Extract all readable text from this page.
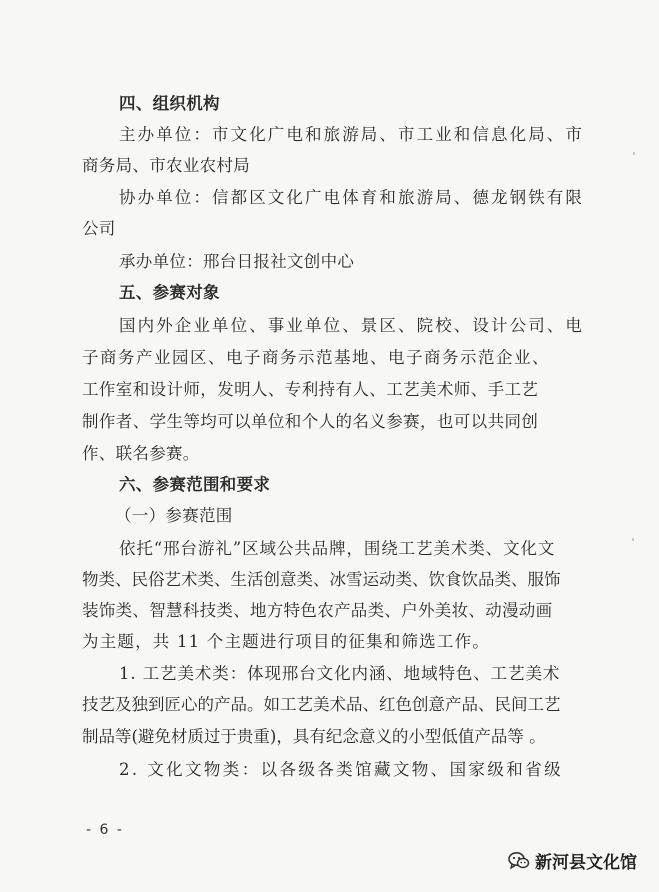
四、组织机构
主办单位：市文化广电和旅游局、市工业和信息化局、市
商务局、市农业农村局
协办单位：信都区文化广电体育和旅游局、德龙钢铁有限
公司
承办单位：邢台日报社文创中心
五、参赛对象
国内外企业单位、事业单位、景区、院校、设计公司、电
子商务产业园区、电子商务示范基地、电子商务示范企业、
工作室和设计师，发明人、专利持有人、工艺美术师、手工艺
制作者、学生等均可以单位和个人的名义参赛，也可以共同创
作、联名参赛。
六、参赛范围和要求
（一）参赛范围
依托“邢台游礼”区域公共品牌，围绕工艺美术类、文化文
物类、民俗艺术类、生活创意类、冰雪运动类、饮食饮品类、服饰
装饰类、智慧科技类、地方特色农产品类、户外美妆、动漫动画
为主题，共 11 个主题进行项目的征集和筛选工作。
1. 工艺美术类：体现邢台文化内涵、地域特色、工艺美术
技艺及独到匠心的产品。如工艺美术品、红色创意产品、民间工艺
制品等(避免材质过于贵重)，具有纪念意义的小型低值产品等 。
2. 文化文物类：以各级各类馆藏文物、国家级和省级
- 6 -
新河县文化馆
